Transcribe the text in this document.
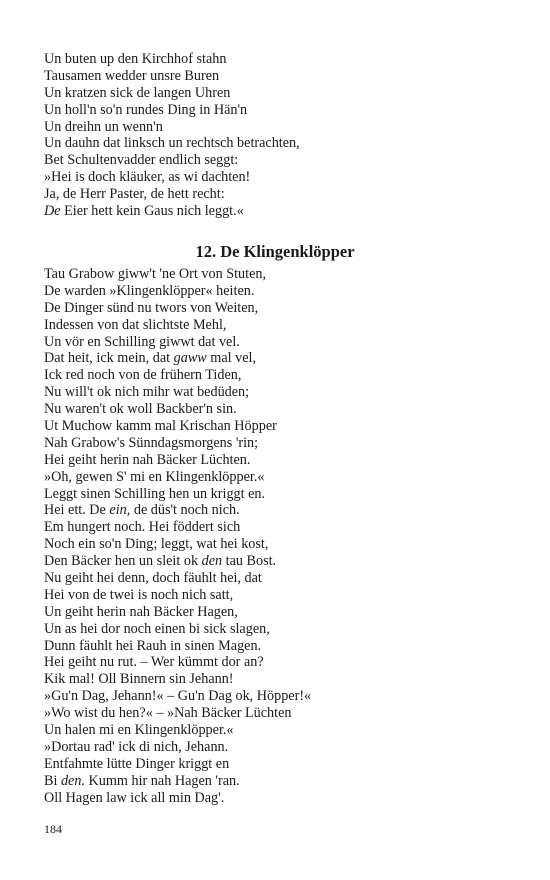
Un buten up den Kirchhof stahn
Tausamen wedder unsre Buren
Un kratzen sick de langen Uhren
Un holl'n so'n rundes Ding in Hän'n
Un dreihn un wenn'n
Un dauhn dat linksch un rechtsch betrachten,
Bet Schultenvadder endlich seggt:
»Hei is doch kläuker, as wi dachten!
Ja, de Herr Paster, de hett recht:
De Eier hett kein Gaus nich leggt.«
12. De Klingenklöpper
Tau Grabow giww't 'ne Ort von Stuten,
De warden »Klingenklöpper« heiten.
De Dinger sünd nu twors von Weiten,
Indessen von dat slichtste Mehl,
Un vör en Schilling giwwt dat vel.
Dat heit, ick mein, dat gaww mal vel,
Ick red noch von de frühern Tiden,
Nu will't ok nich mihr wat bedüden;
Nu waren't ok woll Backber'n sin.
Ut Muchow kamm mal Krischan Höpper
Nah Grabow's Sünndagsmorgens 'rin;
Hei geiht herin nah Bäcker Lüchten.
»Oh, gewen S' mi en Klingenklöpper.«
Leggt sinen Schilling hen un kriggt en.
Hei ett. De ein, de düs't noch nich.
Em hungert noch. Hei föddert sich
Noch ein so'n Ding; leggt, wat hei kost,
Den Bäcker hen un sleit ok den tau Bost.
Nu geiht hei denn, doch fäuhlt hei, dat
Hei von de twei is noch nich satt,
Un geiht herin nah Bäcker Hagen,
Un as hei dor noch einen bi sick slagen,
Dunn fäuhlt hei Rauh in sinen Magen.
Hei geiht nu rut. – Wer kümmt dor an?
Kik mal! Oll Binnern sin Jehann!
»Gu'n Dag, Jehann!« – Gu'n Dag ok, Höpper!«
»Wo wist du hen?« – »Nah Bäcker Lüchten
Un halen mi en Klingenklöpper.«
»Dortau rad' ick di nich, Jehann.
Entfahmte lütte Dinger kriggt en
Bi den. Kumm hir nah Hagen 'ran.
Oll Hagen law ick all min Dag'.
184
